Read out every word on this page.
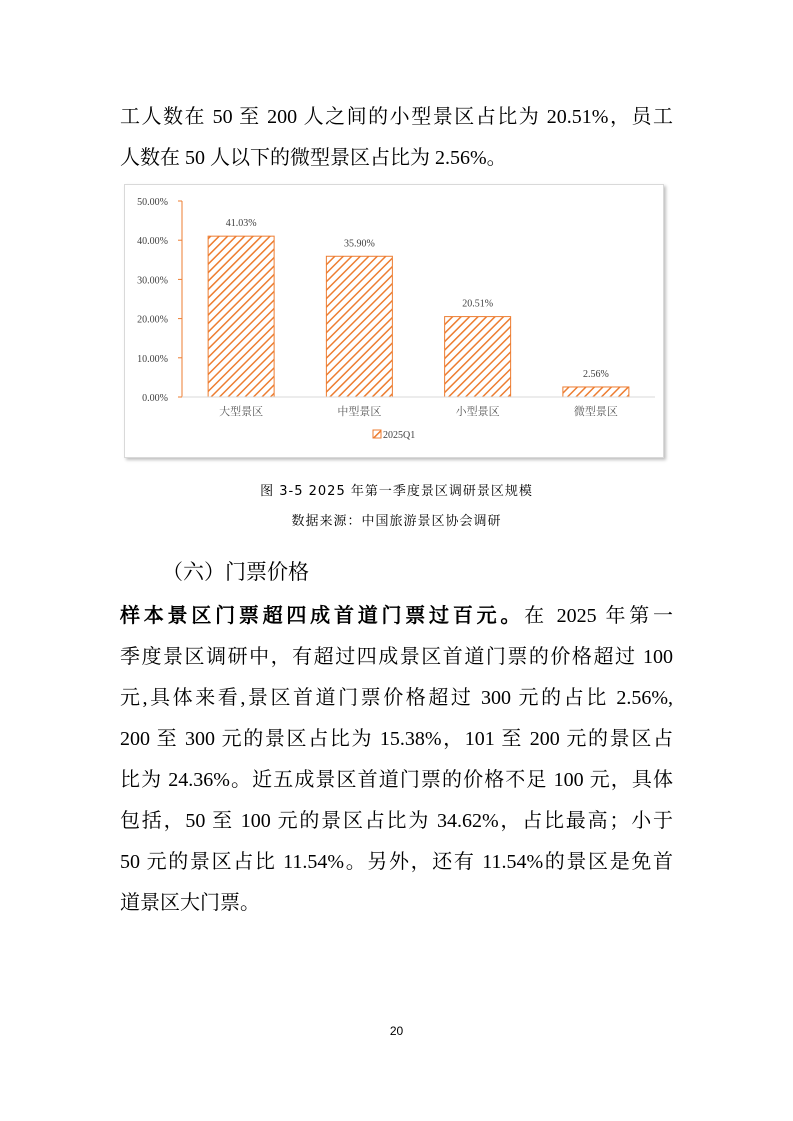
工人数在 50 至 200 人之间的小型景区占比为 20.51%，员工
人数在 50 人以下的微型景区占比为 2.56%。
0.00%
10.00%
20.00%
30.00%
40.00%
50.00%
41.03%
35.90%
20.51%
2.56%
大型景区	中型景区	小型景区	微型景区
2025Q1
图 3-5 2025 年第一季度景区调研景区规模
数据来源：中国旅游景区协会调研
（六）门票价格
样本景区门票超四成首道门票过百元。在 2025 年第一
季度景区调研中，有超过四成景区首道门票的价格超过 100
元,具体来看,景区首道门票价格超过 300 元的占比 2.56%,
200 至 300 元的景区占比为 15.38%，101 至 200 元的景区占
比为 24.36%。近五成景区首道门票的价格不足 100 元，具体
包括，50 至 100 元的景区占比为 34.62%，占比最高；小于
50 元的景区占比 11.54%。另外，还有 11.54%的景区是免首
道景区大门票。
20
